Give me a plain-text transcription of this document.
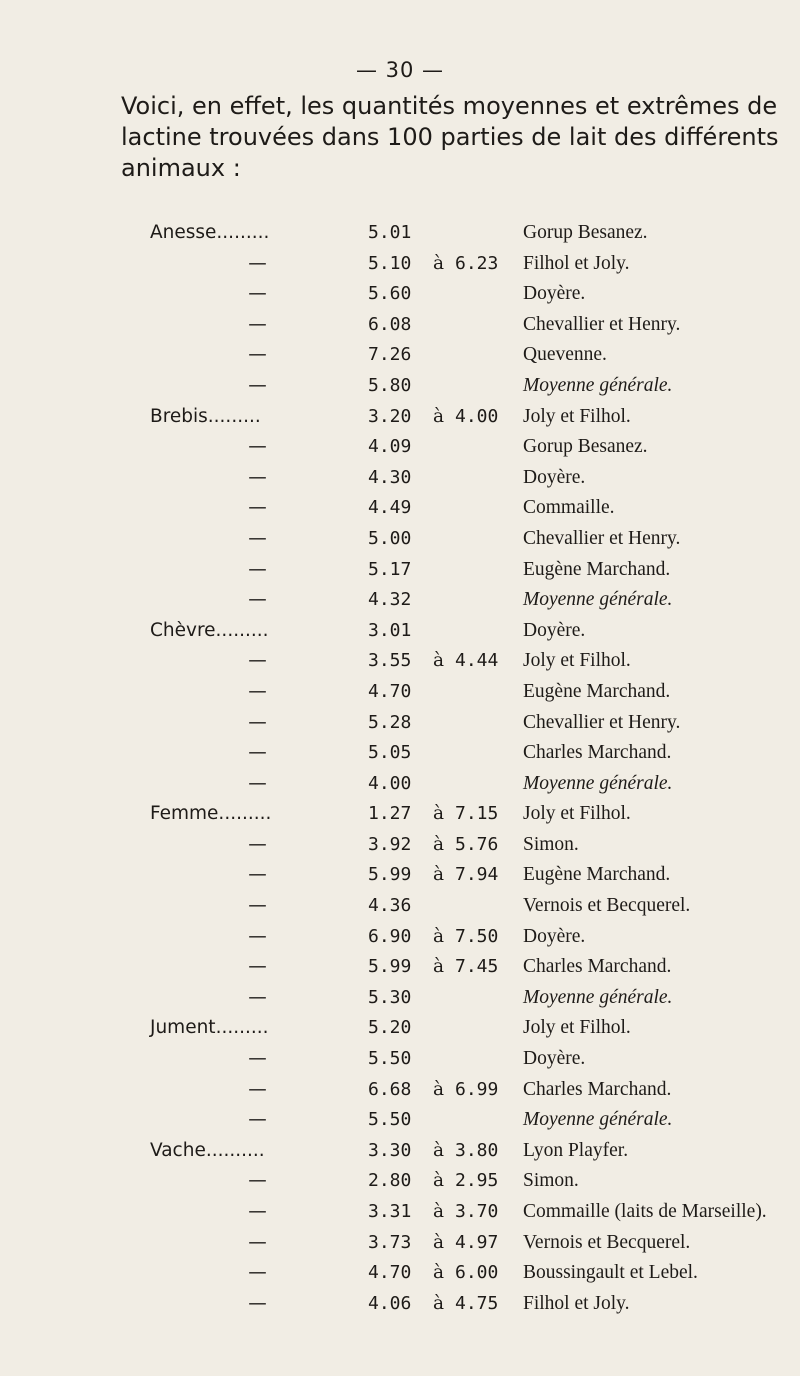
— 30 —

Voici, en effet, les quantités moyennes et extrêmes de lactine trouvées dans 100 parties de lait des différents animaux :

Anesse.........	5.01	Gorup Besanez.
—	5.10 à 6.23 Filhol et Joly.
—	5.60	Doyère.
—	6.08	Chevallier et Henry.
—	7.26	Quevenne.
—	5.80	Moyenne générale.
Brebis.........	3.20 à 4.00 Joly et Filhol.
—	4.09	Gorup Besanez.
—	4.30	Doyère.
—	4.49	Commaille.
—	5.00	Chevallier et Henry.
—	5.17	Eugène Marchand.
—	4.32	Moyenne générale.
Chèvre.........	3.01	Doyère.
—	3.55 à 4.44 Joly et Filhol.
—	4.70	Eugène Marchand.
—	5.28	Chevallier et Henry.
—	5.05	Charles Marchand.
—	4.00	Moyenne générale.
Femme.........	1.27 à 7.15 Joly et Filhol.
—	3.92 à 5.76 Simon.
—	5.99 à 7.94 Eugène Marchand.
—	4.36	Vernois et Becquerel.
—	6.90 à 7.50 Doyère.
—	5.99 à 7.45 Charles Marchand.
—	5.30	Moyenne générale.
Jument.........	5.20	Joly et Filhol.
—	5.50	Doyère.
—	6.68 à 6.99 Charles Marchand.
—	5.50	Moyenne générale.
Vache..........	3.30 à 3.80 Lyon Playfer.
—	2.80 à 2.95 Simon.
—	3.31 à 3.70 Commaille (laits de Marseille).
—	3.73 à 4.97 Vernois et Becquerel.
—	4.70 à 6.00 Boussingault et Lebel.
—	4.06 à 4.75 Filhol et Joly.
